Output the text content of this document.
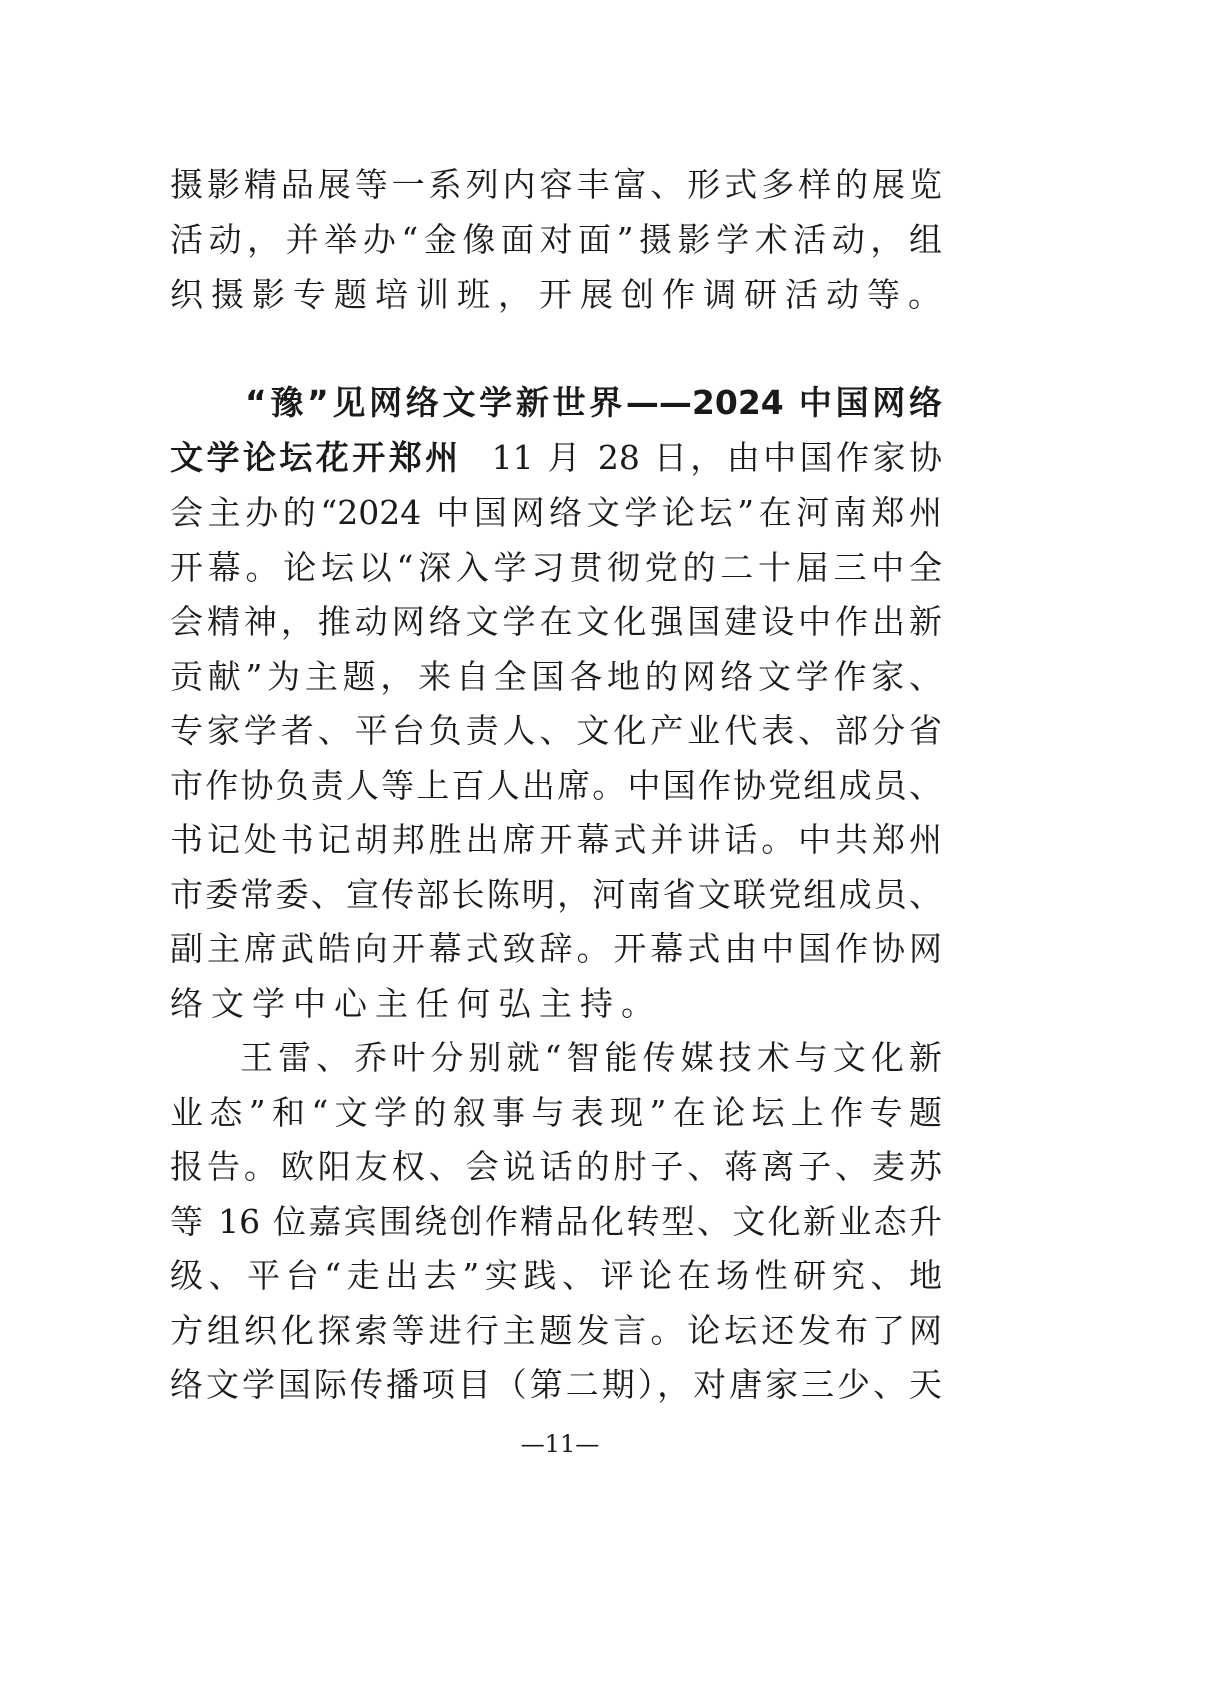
摄影精品展等一系列内容丰富、形式多样的展览
活动，并举办“金像面对面”摄影学术活动，组
织摄影专题培训班，开展创作调研活动等。
“豫”见网络文学新世界——2024 中国网络
文学论坛花开郑州 11 月 28 日，由中国作家协
会主办的“2024 中国网络文学论坛”在河南郑州
开幕。论坛以“深入学习贯彻党的二十届三中全
会精神，推动网络文学在文化强国建设中作出新
贡献”为主题，来自全国各地的网络文学作家、
专家学者、平台负责人、文化产业代表、部分省
市作协负责人等上百人出席。中国作协党组成员、
书记处书记胡邦胜出席开幕式并讲话。中共郑州
市委常委、宣传部长陈明，河南省文联党组成员、
副主席武皓向开幕式致辞。开幕式由中国作协网
络文学中心主任何弘主持。
王雷、乔叶分别就“智能传媒技术与文化新
业态”和“文学的叙事与表现”在论坛上作专题
报告。欧阳友权、会说话的肘子、蒋离子、麦苏
等 16 位嘉宾围绕创作精品化转型、文化新业态升
级、平台“走出去”实践、评论在场性研究、地
方组织化探索等进行主题发言。论坛还发布了网
络文学国际传播项目（第二期），对唐家三少、天
—11—
